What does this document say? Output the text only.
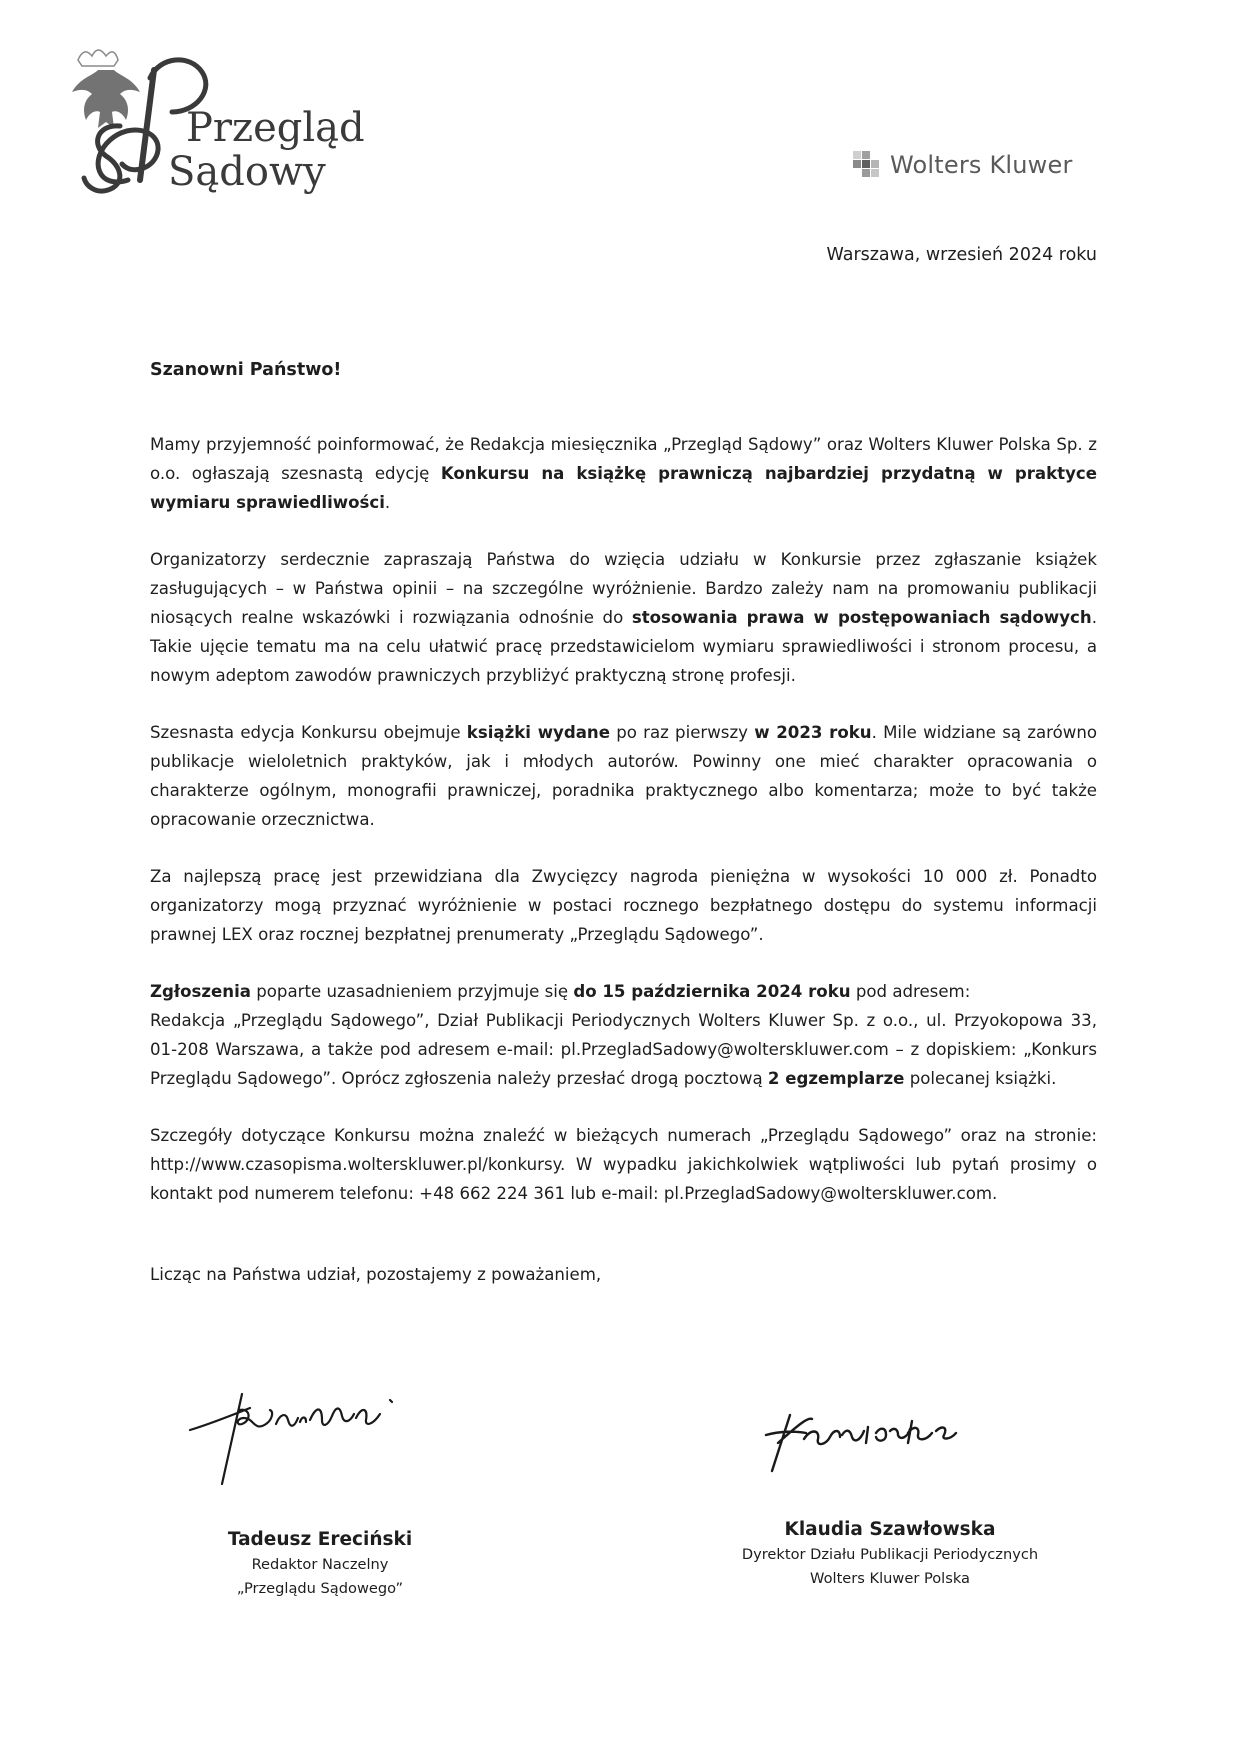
Przegląd
Sądowy	Wolters Kluwer
Warszawa, wrzesień 2024 roku
Szanowni Państwo!

Mamy przyjemność poinformować, że Redakcja miesięcznika „Przegląd Sądowy” oraz Wolters Kluwer Polska Sp. z o.o. ogłaszają szesnastą edycję Konkursu na książkę prawniczą najbardziej przydatną w praktyce wymiaru sprawiedliwości.

Organizatorzy serdecznie zapraszają Państwa do wzięcia udziału w Konkursie przez zgłaszanie książek zasługujących – w Państwa opinii – na szczególne wyróżnienie. Bardzo zależy nam na promowaniu publikacji niosących realne wskazówki i rozwiązania odnośnie do stosowania prawa w postępowaniach sądowych. Takie ujęcie tematu ma na celu ułatwić pracę przedstawicielom wymiaru sprawiedliwości i stronom procesu, a nowym adeptom zawodów prawniczych przybliżyć praktyczną stronę profesji.

Szesnasta edycja Konkursu obejmuje książki wydane po raz pierwszy w 2023 roku. Mile widziane są zarówno publikacje wieloletnich praktyków, jak i młodych autorów. Powinny one mieć charakter opracowania o charakterze ogólnym, monografii prawniczej, poradnika praktycznego albo komentarza; może to być także opracowanie orzecznictwa.

Za najlepszą pracę jest przewidziana dla Zwycięzcy nagroda pieniężna w wysokości 10 000 zł. Ponadto organizatorzy mogą przyznać wyróżnienie w postaci rocznego bezpłatnego dostępu do systemu informacji prawnej LEX oraz rocznej bezpłatnej prenumeraty „Przeglądu Sądowego”.

Zgłoszenia poparte uzasadnieniem przyjmuje się do 15 października 2024 roku pod adresem:
Redakcja „Przeglądu Sądowego”, Dział Publikacji Periodycznych Wolters Kluwer Sp. z o.o., ul. Przyokopowa 33, 01-208 Warszawa, a także pod adresem e-mail: pl.PrzegladSadowy@wolterskluwer.com – z dopiskiem: „Konkurs Przeglądu Sądowego”. Oprócz zgłoszenia należy przesłać drogą pocztową 2 egzemplarze polecanej książki.

Szczegóły dotyczące Konkursu można znaleźć w bieżących numerach „Przeglądu Sądowego” oraz na stronie: http://www.czasopisma.wolterskluwer.pl/konkursy. W wypadku jakichkolwiek wątpliwości lub pytań prosimy o kontakt pod numerem telefonu: +48 662 224 361 lub e-mail: pl.PrzegladSadowy@wolterskluwer.com.

Licząc na Państwa udział, pozostajemy z poważaniem,
Tadeusz Ereciński
Redaktor Naczelny
„Przeglądu Sądowego”
Klaudia Szawłowska
Dyrektor Działu Publikacji Periodycznych
Wolters Kluwer Polska
